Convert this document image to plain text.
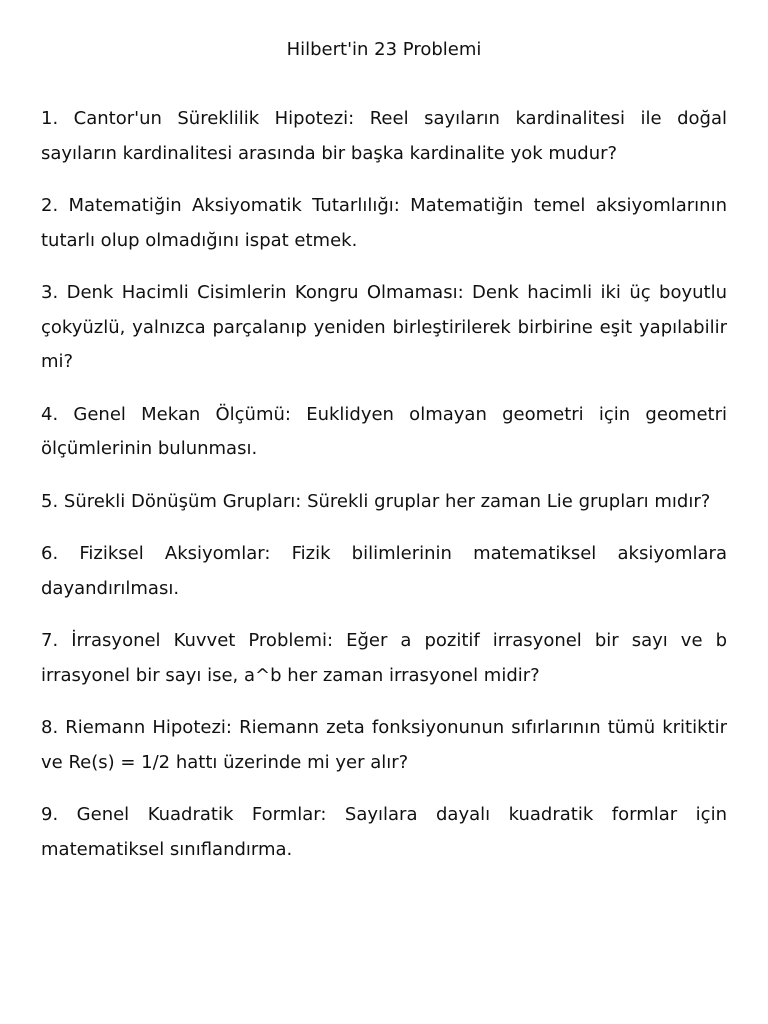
Hilbert'in 23 Problemi
1. Cantor'un Süreklilik Hipotezi: Reel sayıların kardinalitesi ile doğal sayıların kardinalitesi arasında bir başka kardinalite yok mudur?
2. Matematiğin Aksiyomatik Tutarlılığı: Matematiğin temel aksiyomlarının tutarlı olup olmadığını ispat etmek.
3. Denk Hacimli Cisimlerin Kongru Olmaması: Denk hacimli iki üç boyutlu çokyüzlü, yalnızca parçalanıp yeniden birleştirilerek birbirine eşit yapılabilir mi?
4. Genel Mekan Ölçümü: Euklidyen olmayan geometri için geometri ölçümlerinin bulunması.
5. Sürekli Dönüşüm Grupları: Sürekli gruplar her zaman Lie grupları mıdır?
6. Fiziksel Aksiyomlar: Fizik bilimlerinin matematiksel aksiyomlara dayandırılması.
7. İrrasyonel Kuvvet Problemi: Eğer a pozitif irrasyonel bir sayı ve b irrasyonel bir sayı ise, a^b her zaman irrasyonel midir?
8. Riemann Hipotezi: Riemann zeta fonksiyonunun sıfırlarının tümü kritiktir ve Re(s) = 1/2 hattı üzerinde mi yer alır?
9. Genel Kuadratik Formlar: Sayılara dayalı kuadratik formlar için matematiksel sınıflandırma.
